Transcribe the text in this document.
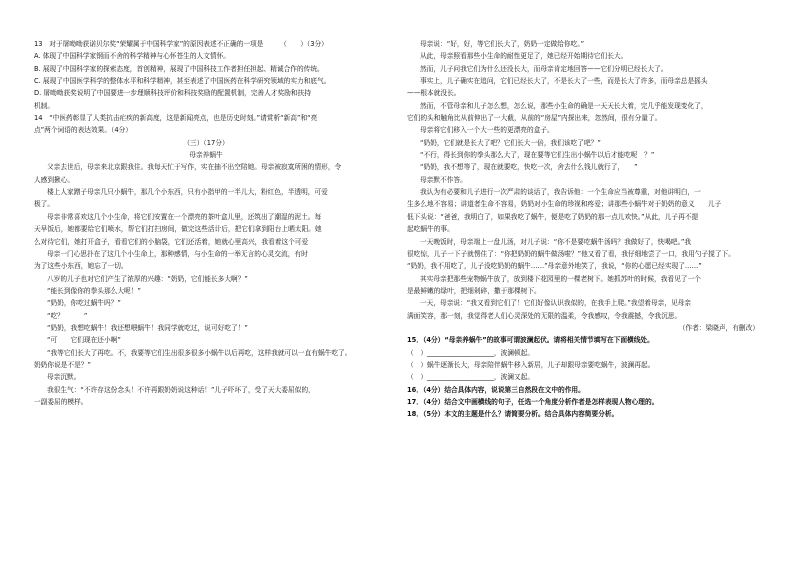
13　对于屠呦呦获诺贝尔奖“荣耀属于中国科学家”的原因表述不正确的一项是　　　（　　）（3分）

A. 体现了中国科学家钢而不舍的科学精神与心怀苍生的人文情怀。

B. 展现了中国科学家的探索态度，首创精神，展现了中国科技工作者担任担起、精诚合作的传统。

C. 展现了中国医学科学的整体水平和科学精神，甚至表述了中国医药在科学研究领域的实力和底气。

D. 屠呦呦获奖说明了中国要进一步理顺科技评价和科技奖励的配置机制，完善人才奖励和扶持

机制。

14　“中医药彰显了人类抗击疟疾的新高度，这是新闻亮点，也是历史时刻。”请赏析“新高”和“亮

点”两个词语的表达效果。（4分）

（三）（17分）

母亲养蜗牛

父亲去世后，母亲来北京跟我住。我每天忙于写作，实在抽不出空陪她。母亲被寂寞所困的情形，令

人感到揪心。

楼上人家蹭子母亲几只小蜗牛，那几个小东西，只有小指甲的一半儿大，粉红色，半透明，可爱

极了。

母亲非常喜欢这几个小生命，将它们安置在一个漂亮的茶叶盒儿里，还筑出了潮湿的泥土。每

天早饭后，她都要给它们喷水，帮它们打扫房间，做完这些活计后，把它们拿到阳台上晒太阳。她

么对待它们，她打开盒子，看看它们的小脑袋，它们还活着，她就心里高兴，我看着这个可爱

母亲一门心思扑在了这几个小生命上，那种感情，与小生命的一举无言的心灵交流，有时

为了这些小东西，她忘了一切。

八岁的儿子也对它们产生了浓厚的兴趣：“奶奶，它们能长多大啊？”

“能长到像你的拳头那么大呢！”

“奶奶，你吃过蜗牛吗？”

“吃？　　　”

“奶奶，我想吃蜗牛！我还想喂蜗牛！我同学就吃过，说可好吃了！”

“可　　它们现在还小啊”

“我等它们长大了再吃。不，我要等它们生出很多很多小蜗牛以后再吃，这样我就可以一直有蜗牛吃了。

奶奶你说是不是？”

母亲沉默。

我很生气：“不许存这份念头！不许再跟奶奶说这种话！”儿子吓坏了，受了天大委屈似的，

一副委屈的模样。

母亲说：“好，好，等它们长大了，奶奶一定做给你吃。”

从此，母亲照看那些小生命的耐性更足了，她已经开始期待它们长大。

然而，儿子问我它们为什么还没长大，而母亲肯定地回答——它们分明已经长大了。

事实上，儿子确实在追问，它们已经长大了，不是长大了一些，而是长大了许多，而母亲总是摇头

——根本就没长。

然而，不管母亲和儿子怎么想，怎么说，那些小生命的确是一天天长大着，完几乎能发现变化了，

它们的头和触角比从前伸出了一大截，从前的“房屋”内探出来，忽然间，很有分量了。

母亲将它们移入一个大一些的更漂亮的盒子。

“奶奶，它们就是长大了吧？它们长大一倍，我们该吃了吧？”

“不行，得长到你的拳头那么大了，现在要等它们生出小蜗牛以后才能吃呢　？”

“奶奶，我不想等了，现在就要吃，快吃一次，舍去什么钱儿就行了，　　”

母亲默不作答。

我认为有必要和儿子进行一次严肃的谈话了，我告诉他：一个生命应当被尊重，对他讲明白，一

生多么地不容易；讲道者生命不容易，奶奶对小生命的珍视和疼爱；讲那些小蜗牛对于奶奶的意义　　儿子

低下头说：“爸爸，我明白了，如果我吃了蜗牛，便是吃了奶奶的那一点儿欢快。”从此，儿子再不提

起吃蜗牛的事。

一天晚饭时，母亲端上一盘儿汤，对儿子说：“你不是要吃蜗牛汤吗？我做好了，快喝吧。”我

很吃惊，儿子一下子就愣住了：“你把奶奶的蜗牛做汤啦？”他又看了看，我仔细地尝了一口，我用勺子搅了下。

“奶奶，我不用吃了，儿子没吃奶奶的蜗牛……”母亲意外地笑了，我说，“你的心愿已经实现了……”

其实母亲把那些宠物蜗牛放了，放到楼下花园里的一棵老树下。她抓苏叶的时候，我看见了一个

是最鲜嫩的绿叶，把细剁碎，撒于那棵树下。

一天，母亲说：“我又看到它们了！它们好像认识我似的，在我手上爬。”我望着母亲，见母亲

满面笑容，那一刻，我觉得老人们心灵深处的无限的温柔，令我感叹，令我震撼，令我沉思。

（作者：梁晓声，有删改）

15．（4分）“母亲养蜗牛”的故事可谓波澜起伏。请将相关情节填写在下面横线处。

（　）____________________，波澜顿起。

（　）蜗牛逐渐长大，母亲陪伴蜗牛移入新居，儿子却跟母亲要吃蜗牛，波澜再起。

（　）____________________，波澜又起。

16．（4分）结合具体内容，说说第三自然段在文中的作用。

17．（4分）结合文中画横线的句子，任选一个角度分析作者是怎样表现人物心理的。

18．（5分）本文的主题是什么？请简要分析。结合具体内容简要分析。
